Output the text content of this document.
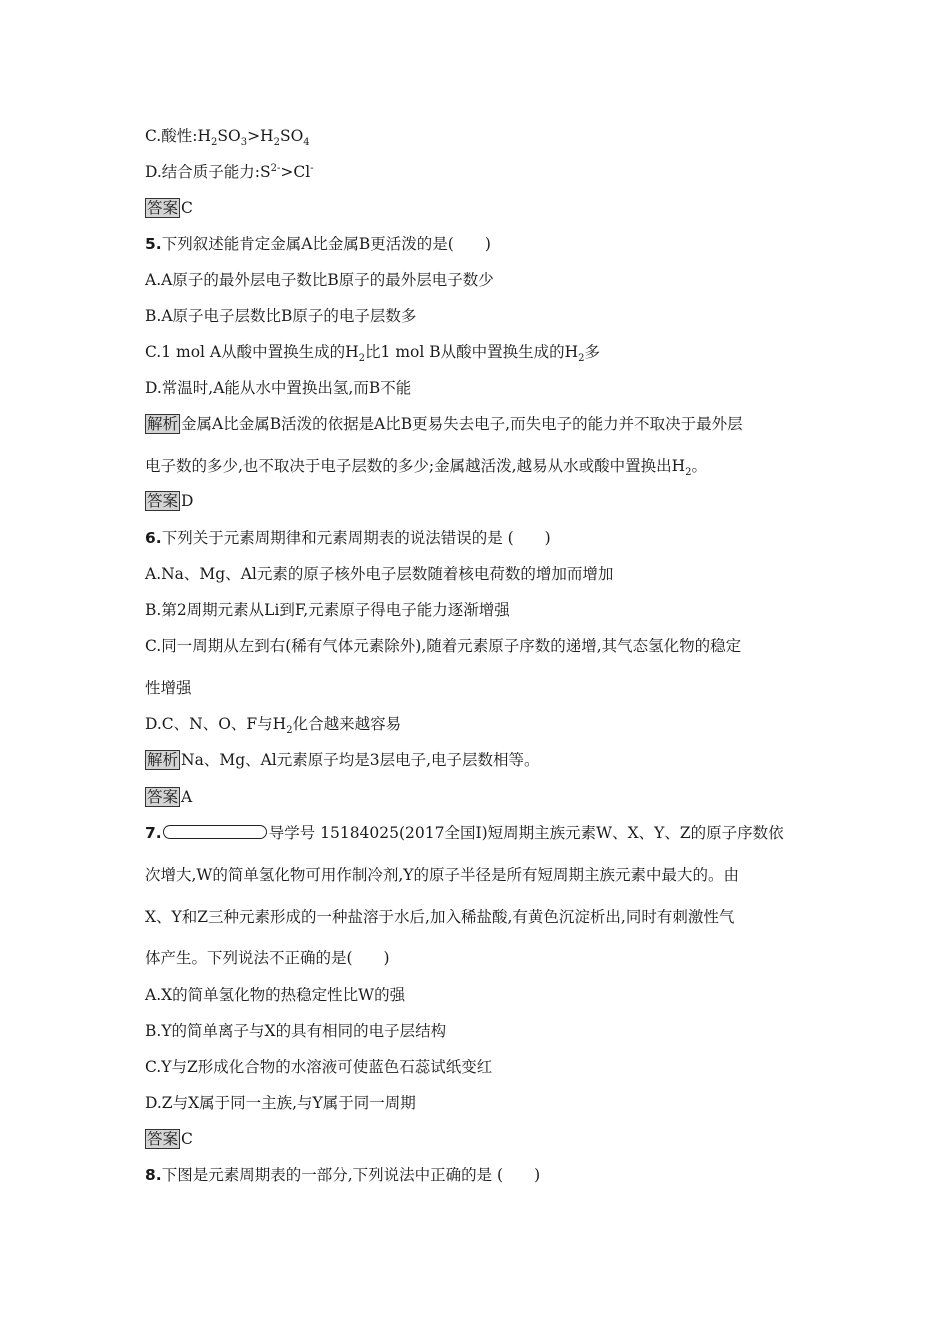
C.酸性$:H_2SO_3>H_2SO_4$
D.结合质子能力$:S^{2-}>Cl^-$
答案 C
5.下列叙述能肯定金属A比金属B更活泼的是(　　)
A.A原子的最外层电子数比B原子的最外层电子数少
B.A原子电子层数比B原子的电子层数多
C.1 mol A从酸中置换生成的$H_2$比1 mol B从酸中置换生成的$H_2$多
D.常温时,A能从水中置换出氢,而B不能
解析 金属A比金属B活泼的依据是A比B更易失去电子,而失电子的能力并不取决于最外层
电子数的多少,也不取决于电子层数的多少;金属越活泼,越易从水或酸中置换出$H_2$。
答案 D
6.下列关于元素周期律和元素周期表的说法错误的是 (　　)
A.Na、Mg、Al元素的原子核外电子层数随着核电荷数的增加而增加
B.第2周期元素从Li到F,元素原子得电子能力逐渐增强
C.同一周期从左到右(稀有气体元素除外),随着元素原子序数的递增,其气态氢化物的稳定
性增强
D.C、N、O、F与$H_2$化合越来越容易
解析 Na、Mg、Al元素原子均是3层电子,电子层数相等。
答案 A
7.	导学号 15184025(2017全国Ⅰ)短周期主族元素W、X、Y、Z的原子序数依
次增大,W的简单氢化物可用作制冷剂,Y的原子半径是所有短周期主族元素中最大的。由
X、Y和Z三种元素形成的一种盐溶于水后,加入稀盐酸,有黄色沉淀析出,同时有刺激性气
体产生。下列说法不正确的是(　　)
A.X的简单氢化物的热稳定性比W的强
B.Y的简单离子与X的具有相同的电子层结构
C.Y与Z形成化合物的水溶液可使蓝色石蕊试纸变红
D.Z与X属于同一主族,与Y属于同一周期
答案 C
8.下图是元素周期表的一部分,下列说法中正确的是 (　　)
